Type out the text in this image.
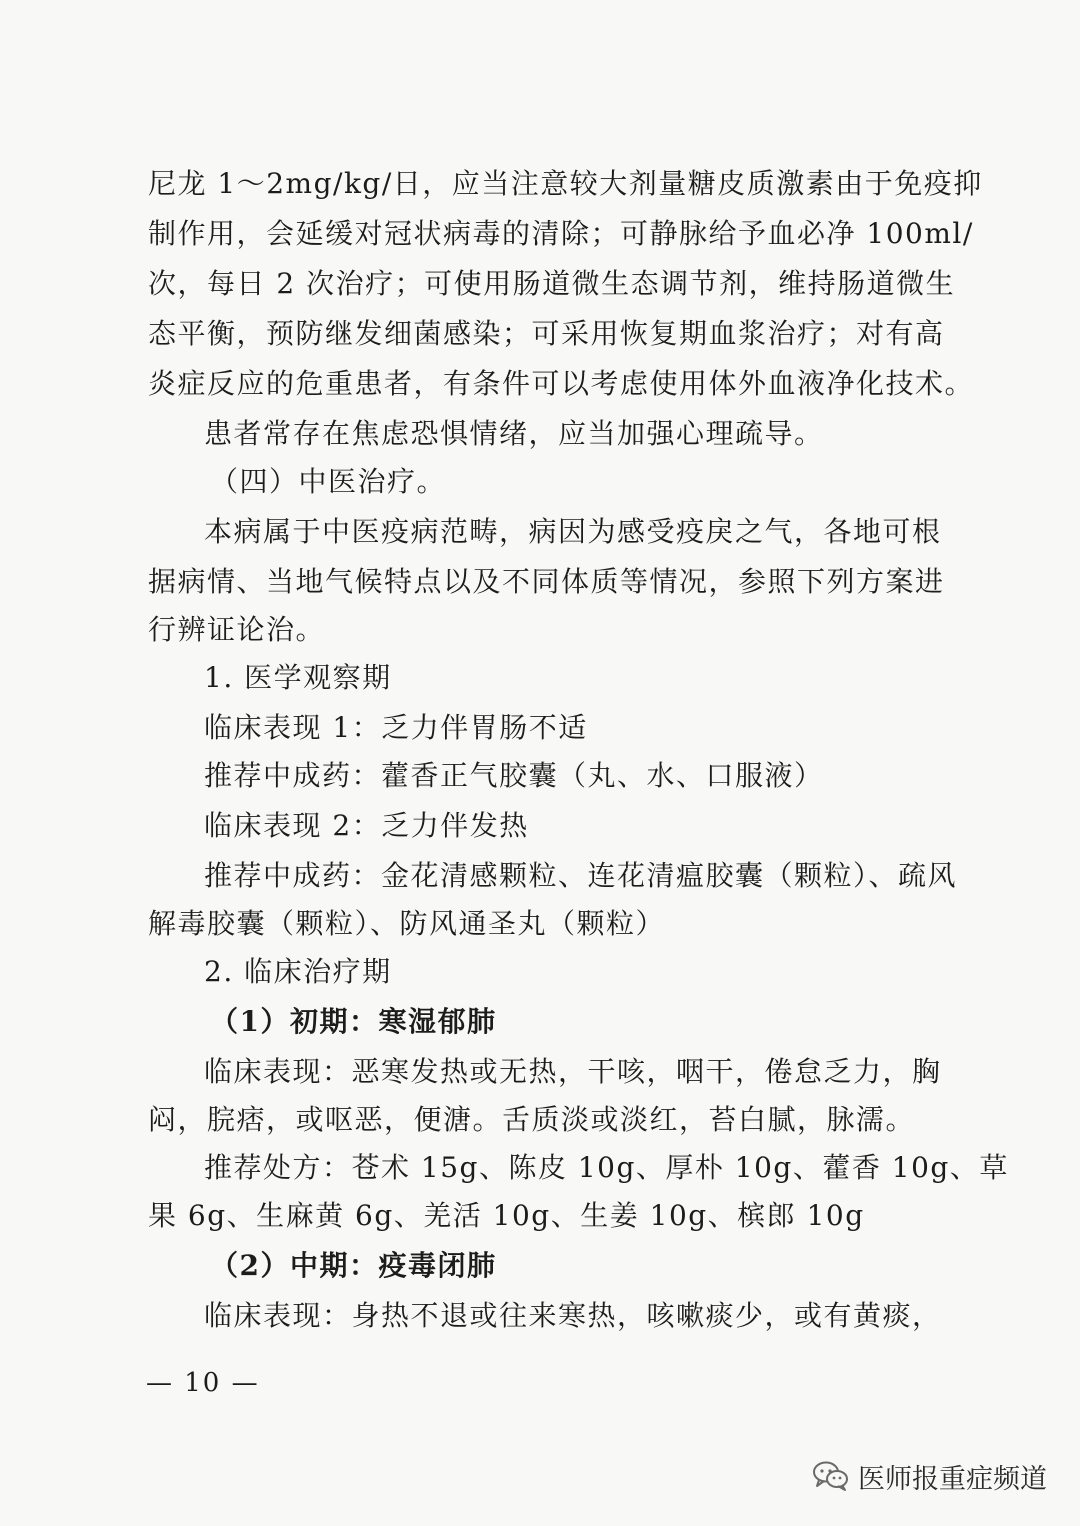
尼龙 1～2mg/kg/日，应当注意较大剂量糖皮质激素由于免疫抑
制作用，会延缓对冠状病毒的清除；可静脉给予血必净 100ml/
次，每日 2 次治疗；可使用肠道微生态调节剂，维持肠道微生
态平衡，预防继发细菌感染；可采用恢复期血浆治疗；对有高
炎症反应的危重患者，有条件可以考虑使用体外血液净化技术。
患者常存在焦虑恐惧情绪，应当加强心理疏导。
（四）中医治疗。
本病属于中医疫病范畴，病因为感受疫戾之气，各地可根
据病情、当地气候特点以及不同体质等情况，参照下列方案进
行辨证论治。
1. 医学观察期
临床表现 1：乏力伴胃肠不适
推荐中成药：藿香正气胶囊（丸、水、口服液）
临床表现 2：乏力伴发热
推荐中成药：金花清感颗粒、连花清瘟胶囊（颗粒）、疏风
解毒胶囊（颗粒）、防风通圣丸（颗粒）
2. 临床治疗期
（1）初期：寒湿郁肺
临床表现：恶寒发热或无热，干咳，咽干，倦怠乏力，胸
闷，脘痞，或呕恶，便溏。舌质淡或淡红，苔白腻，脉濡。
推荐处方：苍术 15g、陈皮 10g、厚朴 10g、藿香 10g、草
果 6g、生麻黄 6g、羌活 10g、生姜 10g、槟郎 10g
（2）中期：疫毒闭肺
临床表现：身热不退或往来寒热，咳嗽痰少，或有黄痰，
— 10 —
医师报重症频道
